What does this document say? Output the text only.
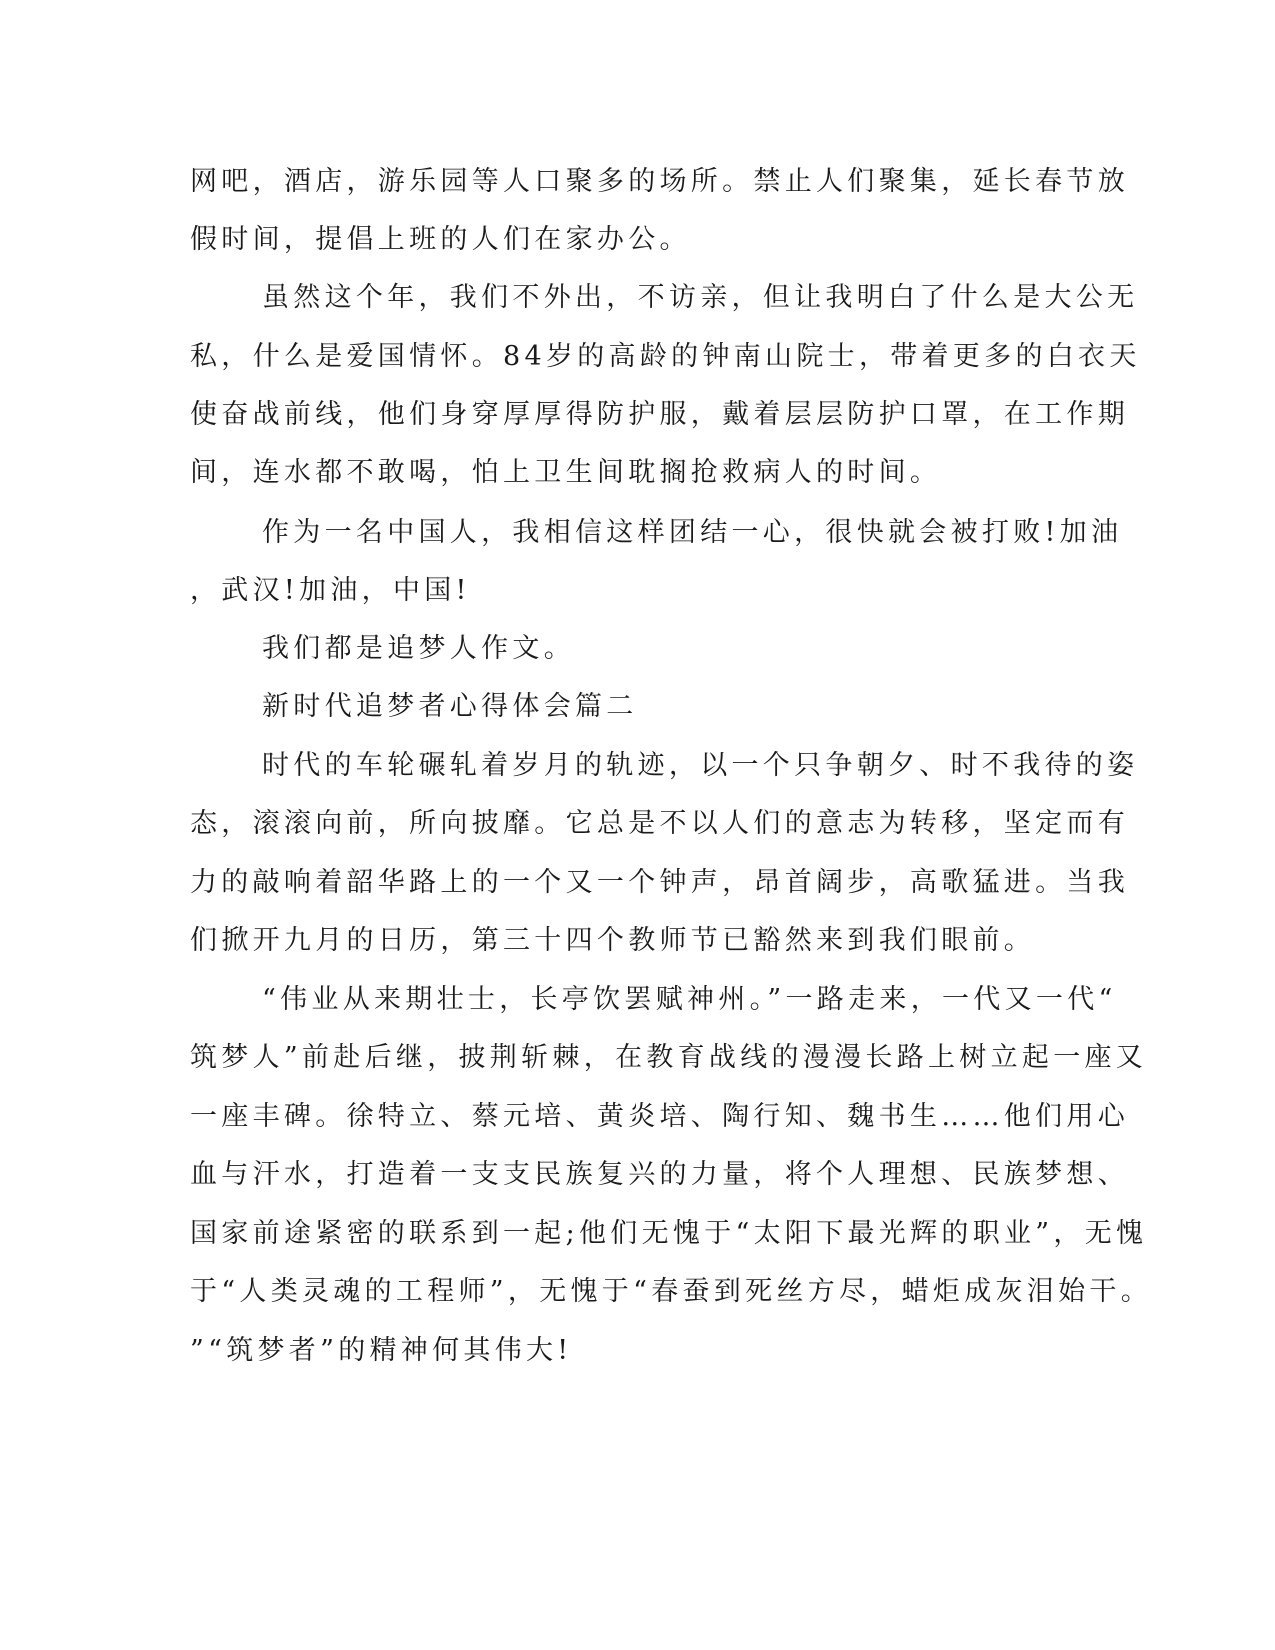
网吧，酒店，游乐园等人口聚多的场所。禁止人们聚集，延长春节放
假时间，提倡上班的人们在家办公。
虽然这个年，我们不外出，不访亲，但让我明白了什么是大公无
私，什么是爱国情怀。84岁的高龄的钟南山院士，带着更多的白衣天
使奋战前线，他们身穿厚厚得防护服，戴着层层防护口罩，在工作期
间，连水都不敢喝，怕上卫生间耽搁抢救病人的时间。
作为一名中国人，我相信这样团结一心，很快就会被打败!加油
，武汉!加油，中国!
我们都是追梦人作文。
新时代追梦者心得体会篇二
时代的车轮碾轧着岁月的轨迹，以一个只争朝夕、时不我待的姿
态，滚滚向前，所向披靡。它总是不以人们的意志为转移，坚定而有
力的敲响着韶华路上的一个又一个钟声，昂首阔步，高歌猛进。当我
们掀开九月的日历，第三十四个教师节已豁然来到我们眼前。
“伟业从来期壮士，长亭饮罢赋神州。”一路走来，一代又一代“
筑梦人”前赴后继，披荆斩棘，在教育战线的漫漫长路上树立起一座又
一座丰碑。徐特立、蔡元培、黄炎培、陶行知、魏书生……他们用心
血与汗水，打造着一支支民族复兴的力量，将个人理想、民族梦想、
国家前途紧密的联系到一起;他们无愧于“太阳下最光辉的职业”，无愧
于“人类灵魂的工程师”，无愧于“春蚕到死丝方尽，蜡炬成灰泪始干。
”“筑梦者”的精神何其伟大!
